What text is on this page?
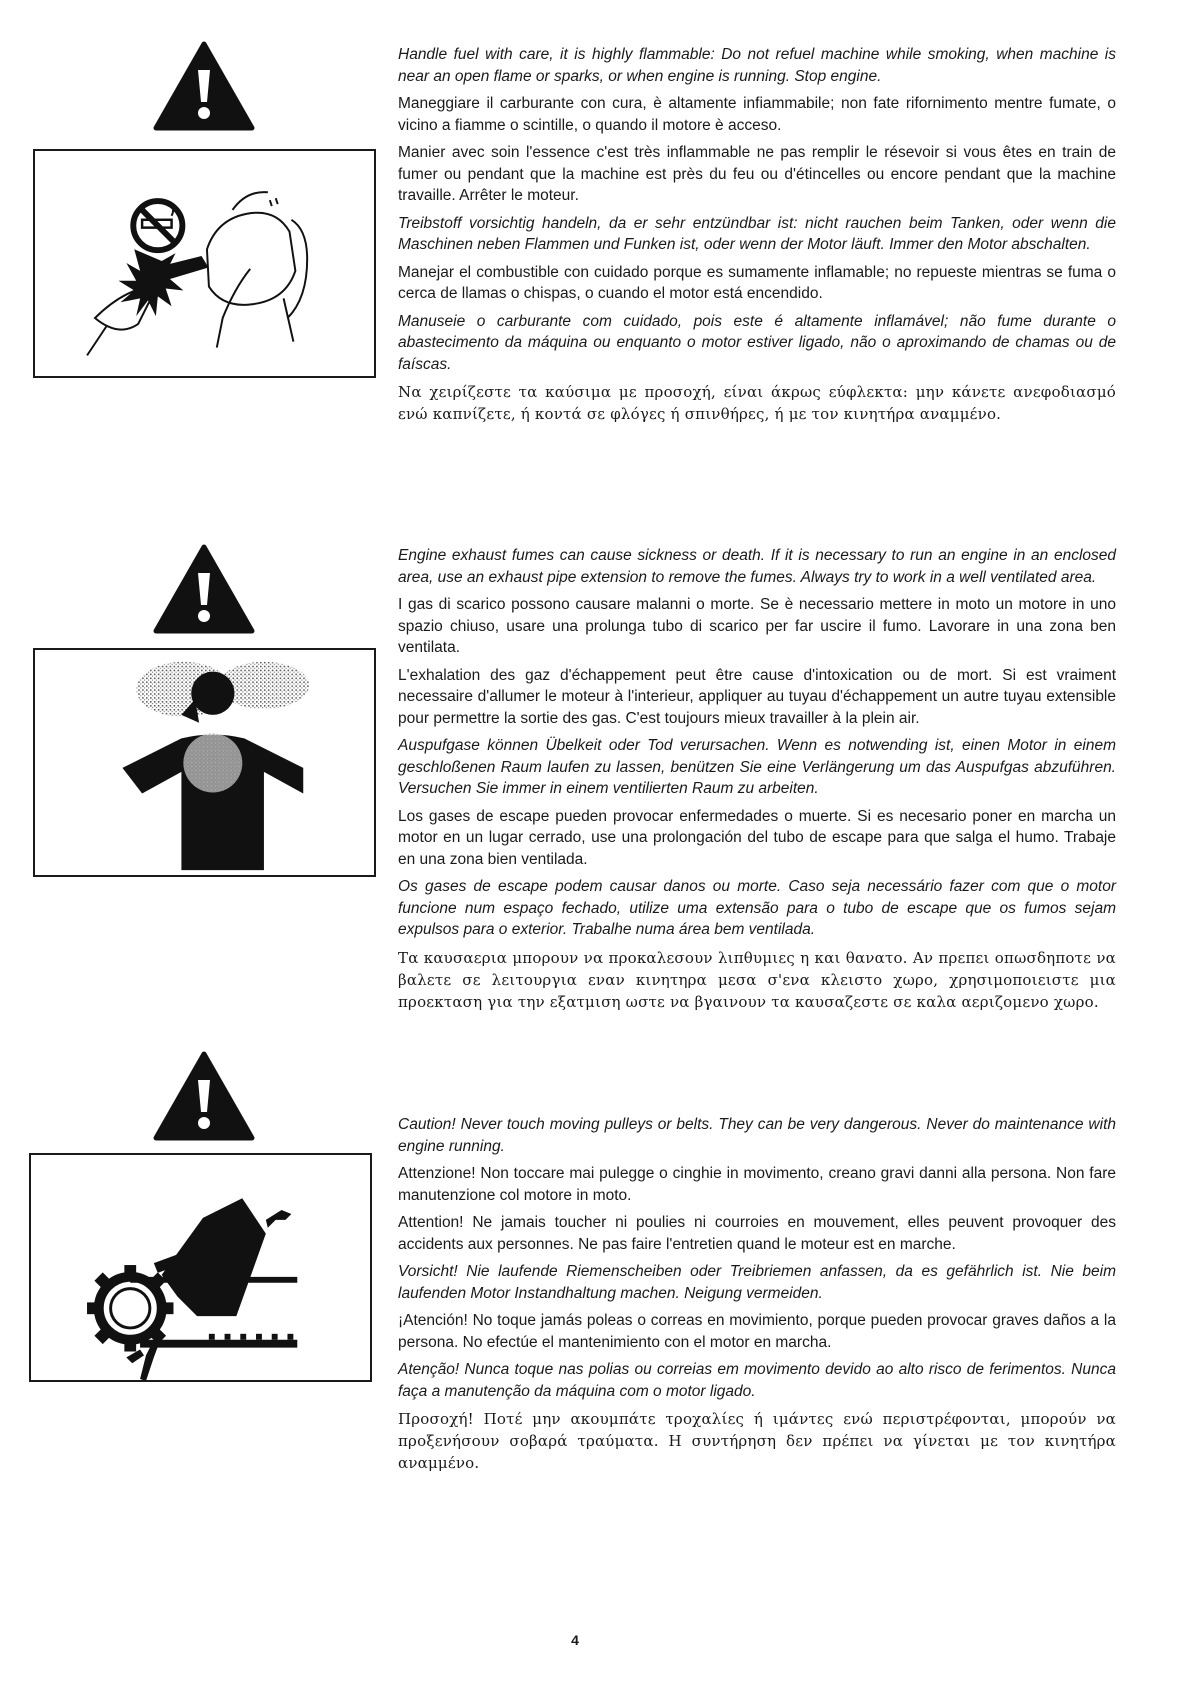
Handle fuel with care, it is highly flammable: Do not refuel machine while smoking, when machine is near an open flame or sparks, or when engine is running. Stop engine.

Maneggiare il carburante con cura, è altamente infiammabile; non fate rifornimento mentre fumate, o vicino a fiamme o scintille, o quando il motore è acceso.

Manier avec soin l'essence c'est très inflammable ne pas remplir le résevoir si vous êtes en train de fumer ou pendant que la machine est près du feu ou d'étincelles ou encore pendant que la machine travaille. Arrêter le moteur.

Treibstoff vorsichtig handeln, da er sehr entzündbar ist: nicht rauchen beim Tanken, oder wenn die Maschinen neben Flammen und Funken ist, oder wenn der Motor läuft. Immer den Motor abschalten.

Manejar el combustible con cuidado porque es sumamente inflamable; no repueste mientras se fuma o cerca de llamas o chispas, o cuando el motor está encendido.

Manuseie o carburante com cuidado, pois este é altamente inflamável; não fume durante o abastecimento da máquina ou enquanto o motor estiver ligado, não o aproximando de chamas ou de faíscas.

Να χειρίζεστε τα καύσιμα με προσοχή, είναι άκρως εύφλεκτα: μην κάνετε ανεφοδιασμό ενώ καπνίζετε, ή κοντά σε φλόγες ή σπινθήρες, ή με τον κινητήρα αναμμένο.

Engine exhaust fumes can cause sickness or death. If it is necessary to run an engine in an enclosed area, use an exhaust pipe extension to remove the fumes. Always try to work in a well ventilated area.

I gas di scarico possono causare malanni o morte. Se è necessario mettere in moto un motore in uno spazio chiuso, usare una prolunga tubo di scarico per far uscire il fumo. Lavorare in una zona ben ventilata.

L'exhalation des gaz d'échappement peut être cause d'intoxication ou de mort. Si est vraiment necessaire d'allumer le moteur à l'interieur, appliquer au tuyau d'échappement un autre tuyau extensible pour permettre la sortie des gas. C'est toujours mieux travailler à la plein air.

Auspufgase können Übelkeit oder Tod verursachen. Wenn es notwending ist, einen Motor in einem geschloßenen Raum laufen zu lassen, benützen Sie eine Verlängerung um das Auspufgas abzuführen. Versuchen Sie immer in einem ventilierten Raum zu arbeiten.

Los gases de escape pueden provocar enfermedades o muerte. Si es necesario poner en marcha un motor en un lugar cerrado, use una prolongación del tubo de escape para que salga el humo. Trabaje en una zona bien ventilada.

Os gases de escape podem causar danos ou morte. Caso seja necessário fazer com que o motor funcione num espaço fechado, utilize uma extensão para o tubo de escape que os fumos sejam expulsos para o exterior. Trabalhe numa área bem ventilada.

Τα καυσαερια μπορουν να προκαλεσουν λιπθυμιες η και θανατο. Αν πρεπει οπωσδηποτε να βαλετε σε λειτουργια εναν κινητηρα μεσα σ'ενα κλειστο χωρο, χρησιμοποιειστε μια προεκταση για την εξατμιση ωστε να βγαινουν τα καυσαζεστε σε καλα αεριζομενο χωρο.

Caution! Never touch moving pulleys or belts. They can be very dangerous. Never do maintenance with engine running.

Attenzione! Non toccare mai pulegge o cinghie in movimento, creano gravi danni alla persona. Non fare manutenzione col motore in moto.

Attention! Ne jamais toucher ni poulies ni courroies en mouvement, elles peuvent provoquer des accidents aux personnes. Ne pas faire l'entretien quand le moteur est en marche.

Vorsicht! Nie laufende Riemenscheiben oder Treibriemen anfassen, da es gefährlich ist. Nie beim laufenden Motor Instandhaltung machen. Neigung vermeiden.

¡Atención! No toque jamás poleas o correas en movimiento, porque pueden provocar graves daños a la persona. No efectúe el mantenimiento con el motor en marcha.

Atenção! Nunca toque nas polias ou correias em movimento devido ao alto risco de ferimentos. Nunca faça a manutenção da máquina com o motor ligado.

Προσοχή! Ποτέ μην ακουμπάτε τροχαλίες ή ιμάντες ενώ περιστρέφονται, μπορούν να προξενήσουν σοβαρά τραύματα. Η συντήρηση δεν πρέπει να γίνεται με τον κινητήρα αναμμένο.

4
